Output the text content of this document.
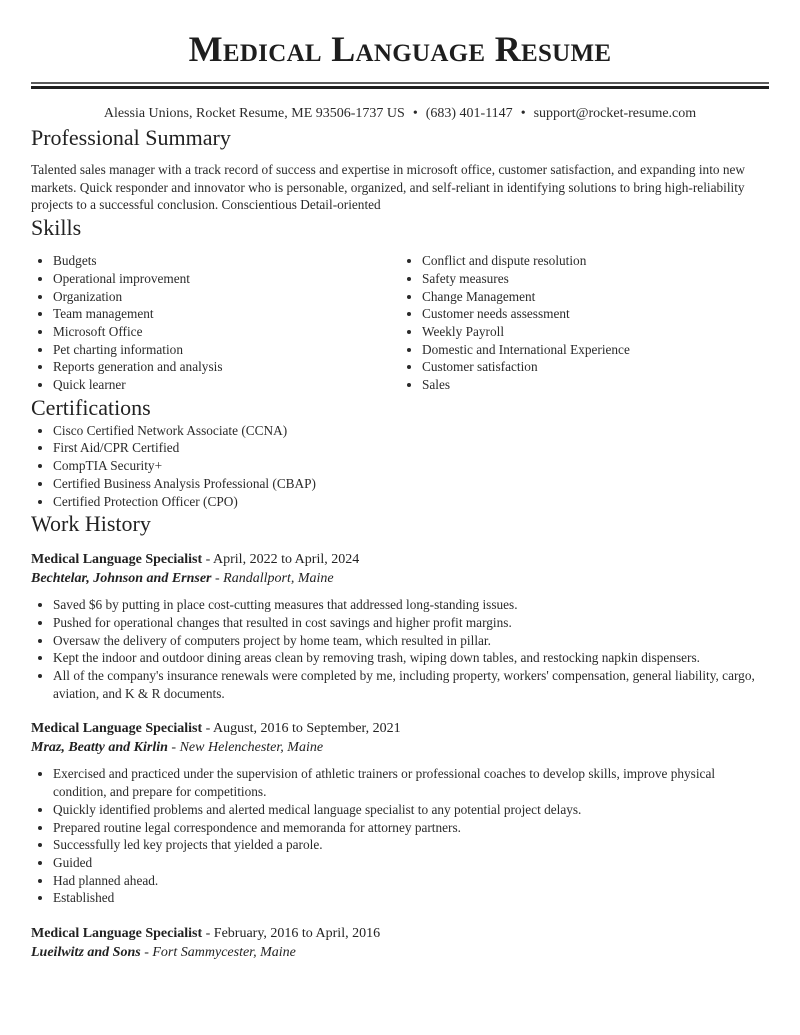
Medical Language Resume
Alessia Unions, Rocket Resume, ME 93506-1737 US • (683) 401-1147 • support@rocket-resume.com
Professional Summary

Talented sales manager with a track record of success and expertise in microsoft office, customer satisfaction, and expanding into new markets. Quick responder and innovator who is personable, organized, and self-reliant in identifying solutions to bring high-reliability projects to a successful conclusion. Conscientious Detail-oriented

Skills
• Budgets
• Operational improvement
• Organization
• Team management
• Microsoft Office
• Pet charting information
• Reports generation and analysis
• Quick learner
• Conflict and dispute resolution
• Safety measures
• Change Management
• Customer needs assessment
• Weekly Payroll
• Domestic and International Experience
• Customer satisfaction
• Sales
Certifications
• Cisco Certified Network Associate (CCNA)
• First Aid/CPR Certified
• CompTIA Security+
• Certified Business Analysis Professional (CBAP)
• Certified Protection Officer (CPO)
Work History
Medical Language Specialist - April, 2022 to April, 2024
Bechtelar, Johnson and Ernser - Randallport, Maine
• Saved $6 by putting in place cost-cutting measures that addressed long-standing issues.
• Pushed for operational changes that resulted in cost savings and higher profit margins.
• Oversaw the delivery of computers project by home team, which resulted in pillar.
• Kept the indoor and outdoor dining areas clean by removing trash, wiping down tables, and restocking napkin dispensers.
• All of the company's insurance renewals were completed by me, including property, workers' compensation, general liability, cargo, aviation, and K & R documents.
Medical Language Specialist - August, 2016 to September, 2021
Mraz, Beatty and Kirlin - New Helenchester, Maine
• Exercised and practiced under the supervision of athletic trainers or professional coaches to develop skills, improve physical condition, and prepare for competitions.
• Quickly identified problems and alerted medical language specialist to any potential project delays.
• Prepared routine legal correspondence and memoranda for attorney partners.
• Successfully led key projects that yielded a parole.
• Guided
• Had planned ahead.
• Established
Medical Language Specialist - February, 2016 to April, 2016
Lueilwitz and Sons - Fort Sammycester, Maine
